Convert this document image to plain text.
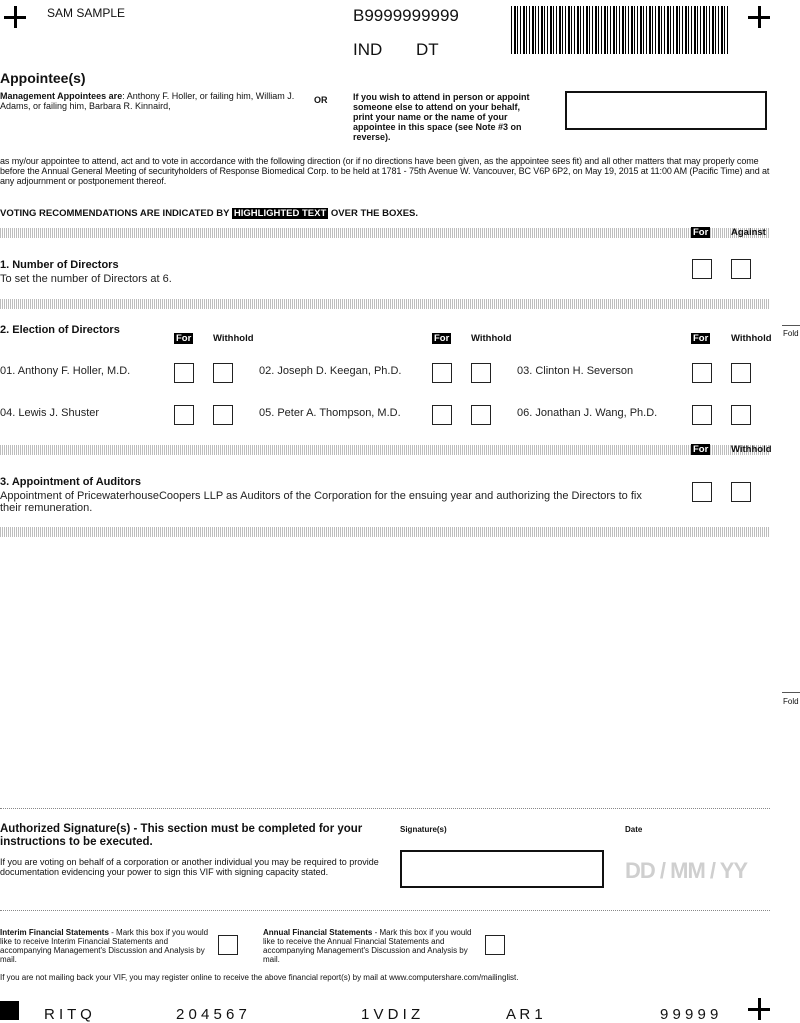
SAM SAMPLE	B9999999999
IND DT
Appointee(s)
Management Appointees are: Anthony F. Holler, or failing him, William J. Adams, or failing him, Barbara R. Kinnaird,
OR	If you wish to attend in person or appoint someone else to attend on your behalf, print your name or the name of your appointee in this space (see Note #3 on reverse).
as my/our appointee to attend, act and to vote in accordance with the following direction (or if no directions have been given, as the appointee sees fit) and all other matters that may properly come before the Annual General Meeting of securityholders of Response Biomedical Corp. to be held at 1781 - 75th Avenue W. Vancouver, BC V6P 6P2, on May 19, 2015 at 11:00 AM (Pacific Time) and at any adjournment or postponement thereof.
VOTING RECOMMENDATIONS ARE INDICATED BY HIGHLIGHTED TEXT OVER THE BOXES.
For Against
1. Number of Directors
To set the number of Directors at 6.
Fold
2. Election of Directors
For Withhold	For Withhold	For Withhold
01. Anthony F. Holler, M.D.	02. Joseph D. Keegan, Ph.D.	03. Clinton H. Severson
04. Lewis J. Shuster	05. Peter A. Thompson, M.D.	06. Jonathan J. Wang, Ph.D.
For Withhold
3. Appointment of Auditors
Appointment of PricewaterhouseCoopers LLP as Auditors of the Corporation for the ensuing year and authorizing the Directors to fix their remuneration.
Fold
Authorized Signature(s) - This section must be completed for your instructions to be executed.
If you are voting on behalf of a corporation or another individual you may be required to provide documentation evidencing your power to sign this VIF with signing capacity stated.
Signature(s)	Date
DD / MM / YY
Interim Financial Statements - Mark this box if you would like to receive Interim Financial Statements and accompanying Management's Discussion and Analysis by mail.
Annual Financial Statements - Mark this box if you would like to receive the Annual Financial Statements and accompanying Management's Discussion and Analysis by mail.
If you are not mailing back your VIF, you may register online to receive the above financial report(s) by mail at www.computershare.com/mailinglist.
R I T Q	2 0 4 5 6 7	1 V D I Z	A R 1	9 9 9 9 9
